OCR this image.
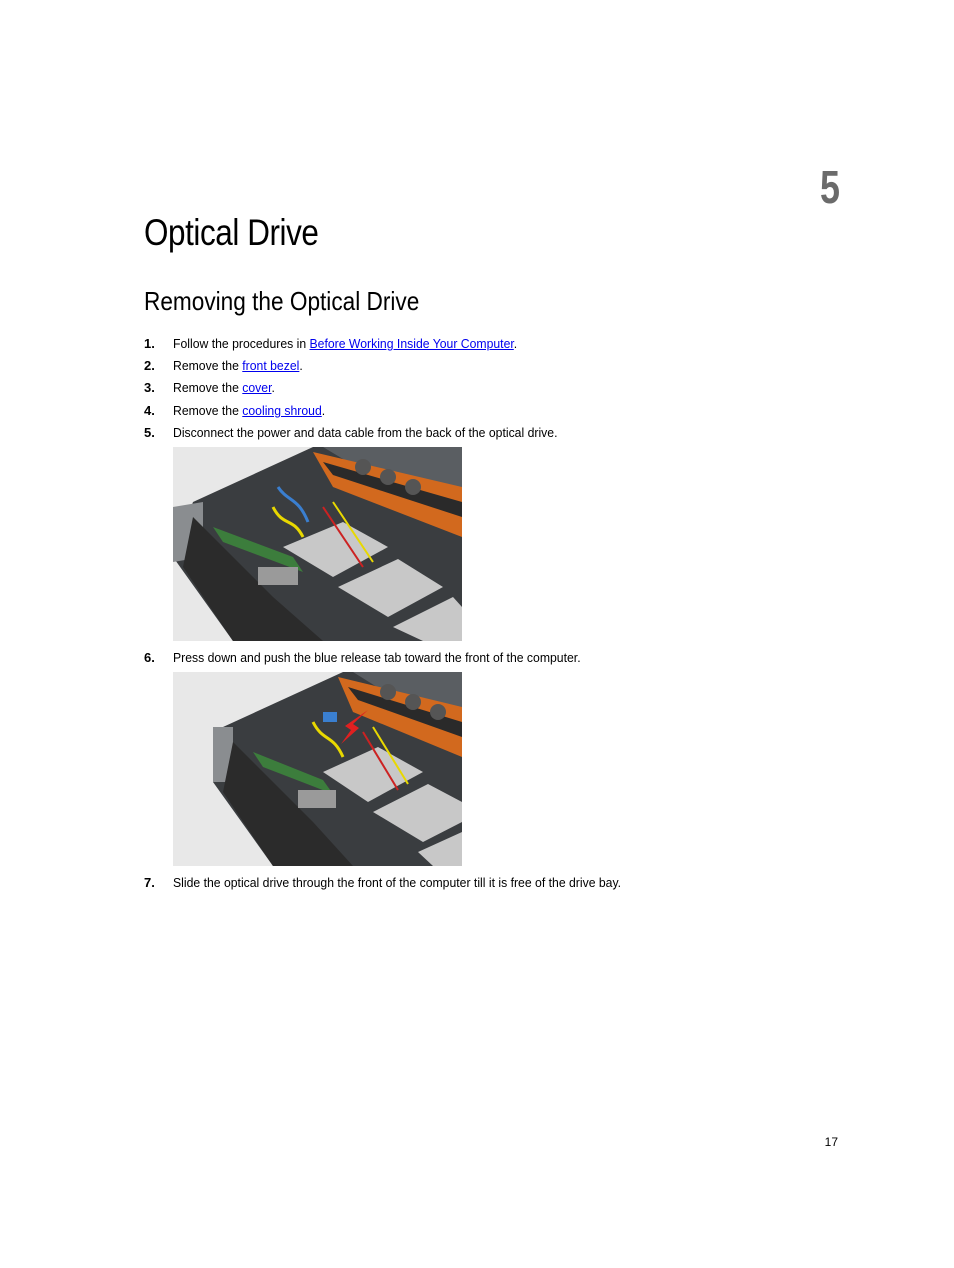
5
Optical Drive
Removing the Optical Drive
1. Follow the procedures in Before Working Inside Your Computer.
2. Remove the front bezel.
3. Remove the cover.
4. Remove the cooling shroud.
5. Disconnect the power and data cable from the back of the optical drive.
6. Press down and push the blue release tab toward the front of the computer.
7. Slide the optical drive through the front of the computer till it is free of the drive bay.
17
